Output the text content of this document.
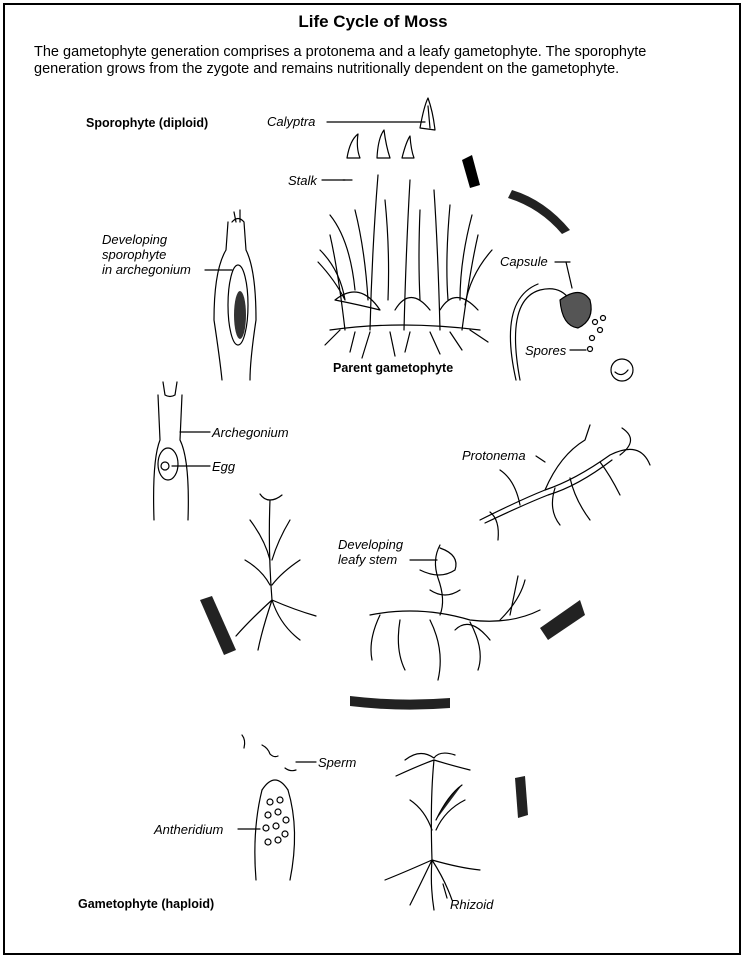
Life Cycle of Moss
The gametophyte generation comprises a protonema and a leafy gametophyte. The sporophyte generation grows from the zygote and remains nutritionally dependent on the gametophyte.
Sporophyte (diploid)	Calyptra
Stalk
Developing
sporophyte
in archegonium
Capsule
Spores
Parent gametophyte
Archegonium
Egg
Protonema
Developing
leafy stem
Sperm
Antheridium
Gametophyte (haploid)	Rhizoid
